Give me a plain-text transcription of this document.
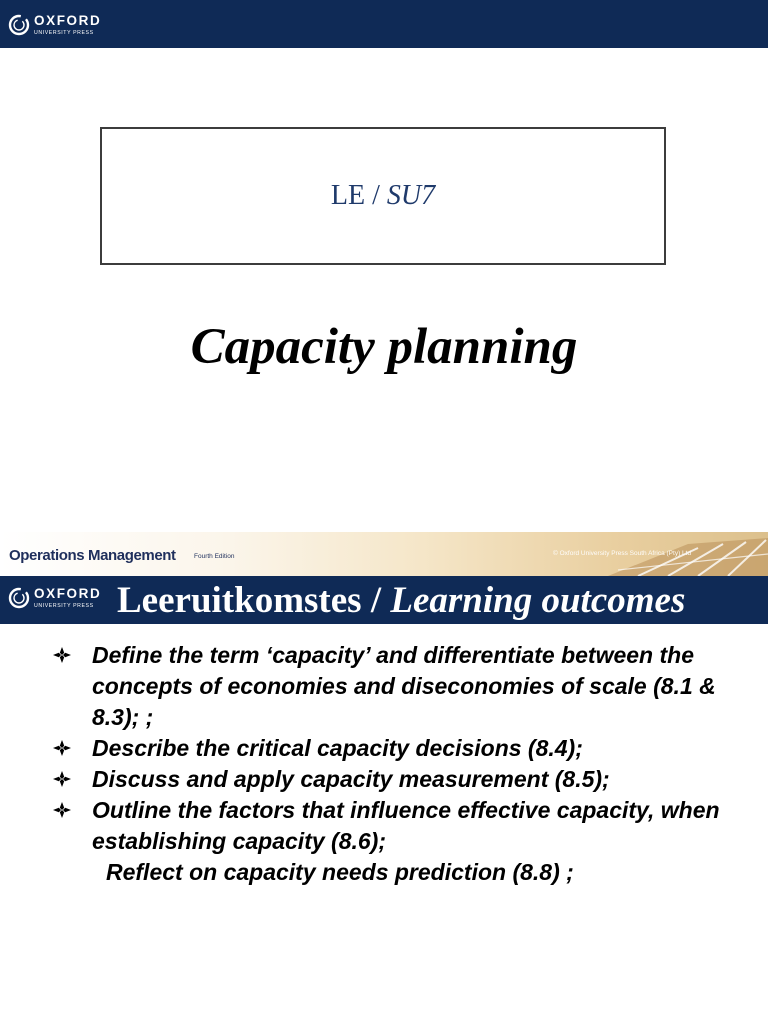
OXFORD
UNIVERSITY PRESS
LE / SU7
Capacity planning
Operations Management	Fourth Edition	© Oxford University Press South Africa (Pty) Ltd
OXFORD
UNIVERSITY PRESS Leeruitkomstes / Learning outcomes
Define the term ‘capacity’ and differentiate between the concepts of economies and diseconomies of scale (8.1 & 8.3); ;
Describe the critical capacity decisions (8.4);
Discuss and apply capacity measurement (8.5);
Outline the factors that influence effective capacity, when establishing capacity (8.6);
Reflect on capacity needs prediction (8.8) ;
